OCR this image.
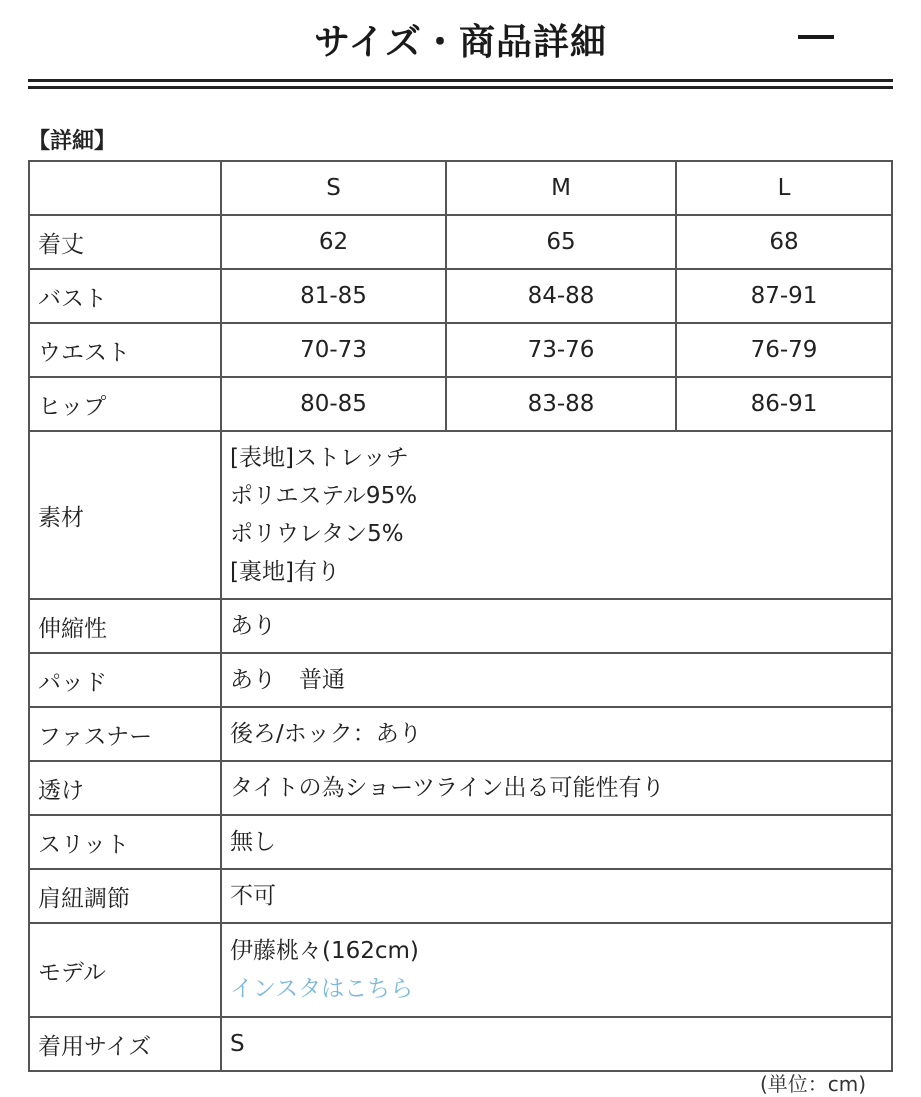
サイズ・商品詳細
【詳細】
	S	M	L
着丈	62	65	68
バスト	81-85	84-88	87-91
ウエスト	70-73	73-76	76-79
ヒップ	80-85	83-88	86-91
素材	[表地]ストレッチ
ポリエステル95%
ポリウレタン5%
[裏地]有り		

伸縮性	あり		
パッド	あり　普通		
ファスナー	後ろ/ホック：あり		
透け	タイトの為ショーツライン出る可能性有り		
スリット	無し		
肩紐調節	不可		
モデル	伊藤桃々(162cm)
インスタはこちら		

着用サイズ	S		
(単位：cm)
